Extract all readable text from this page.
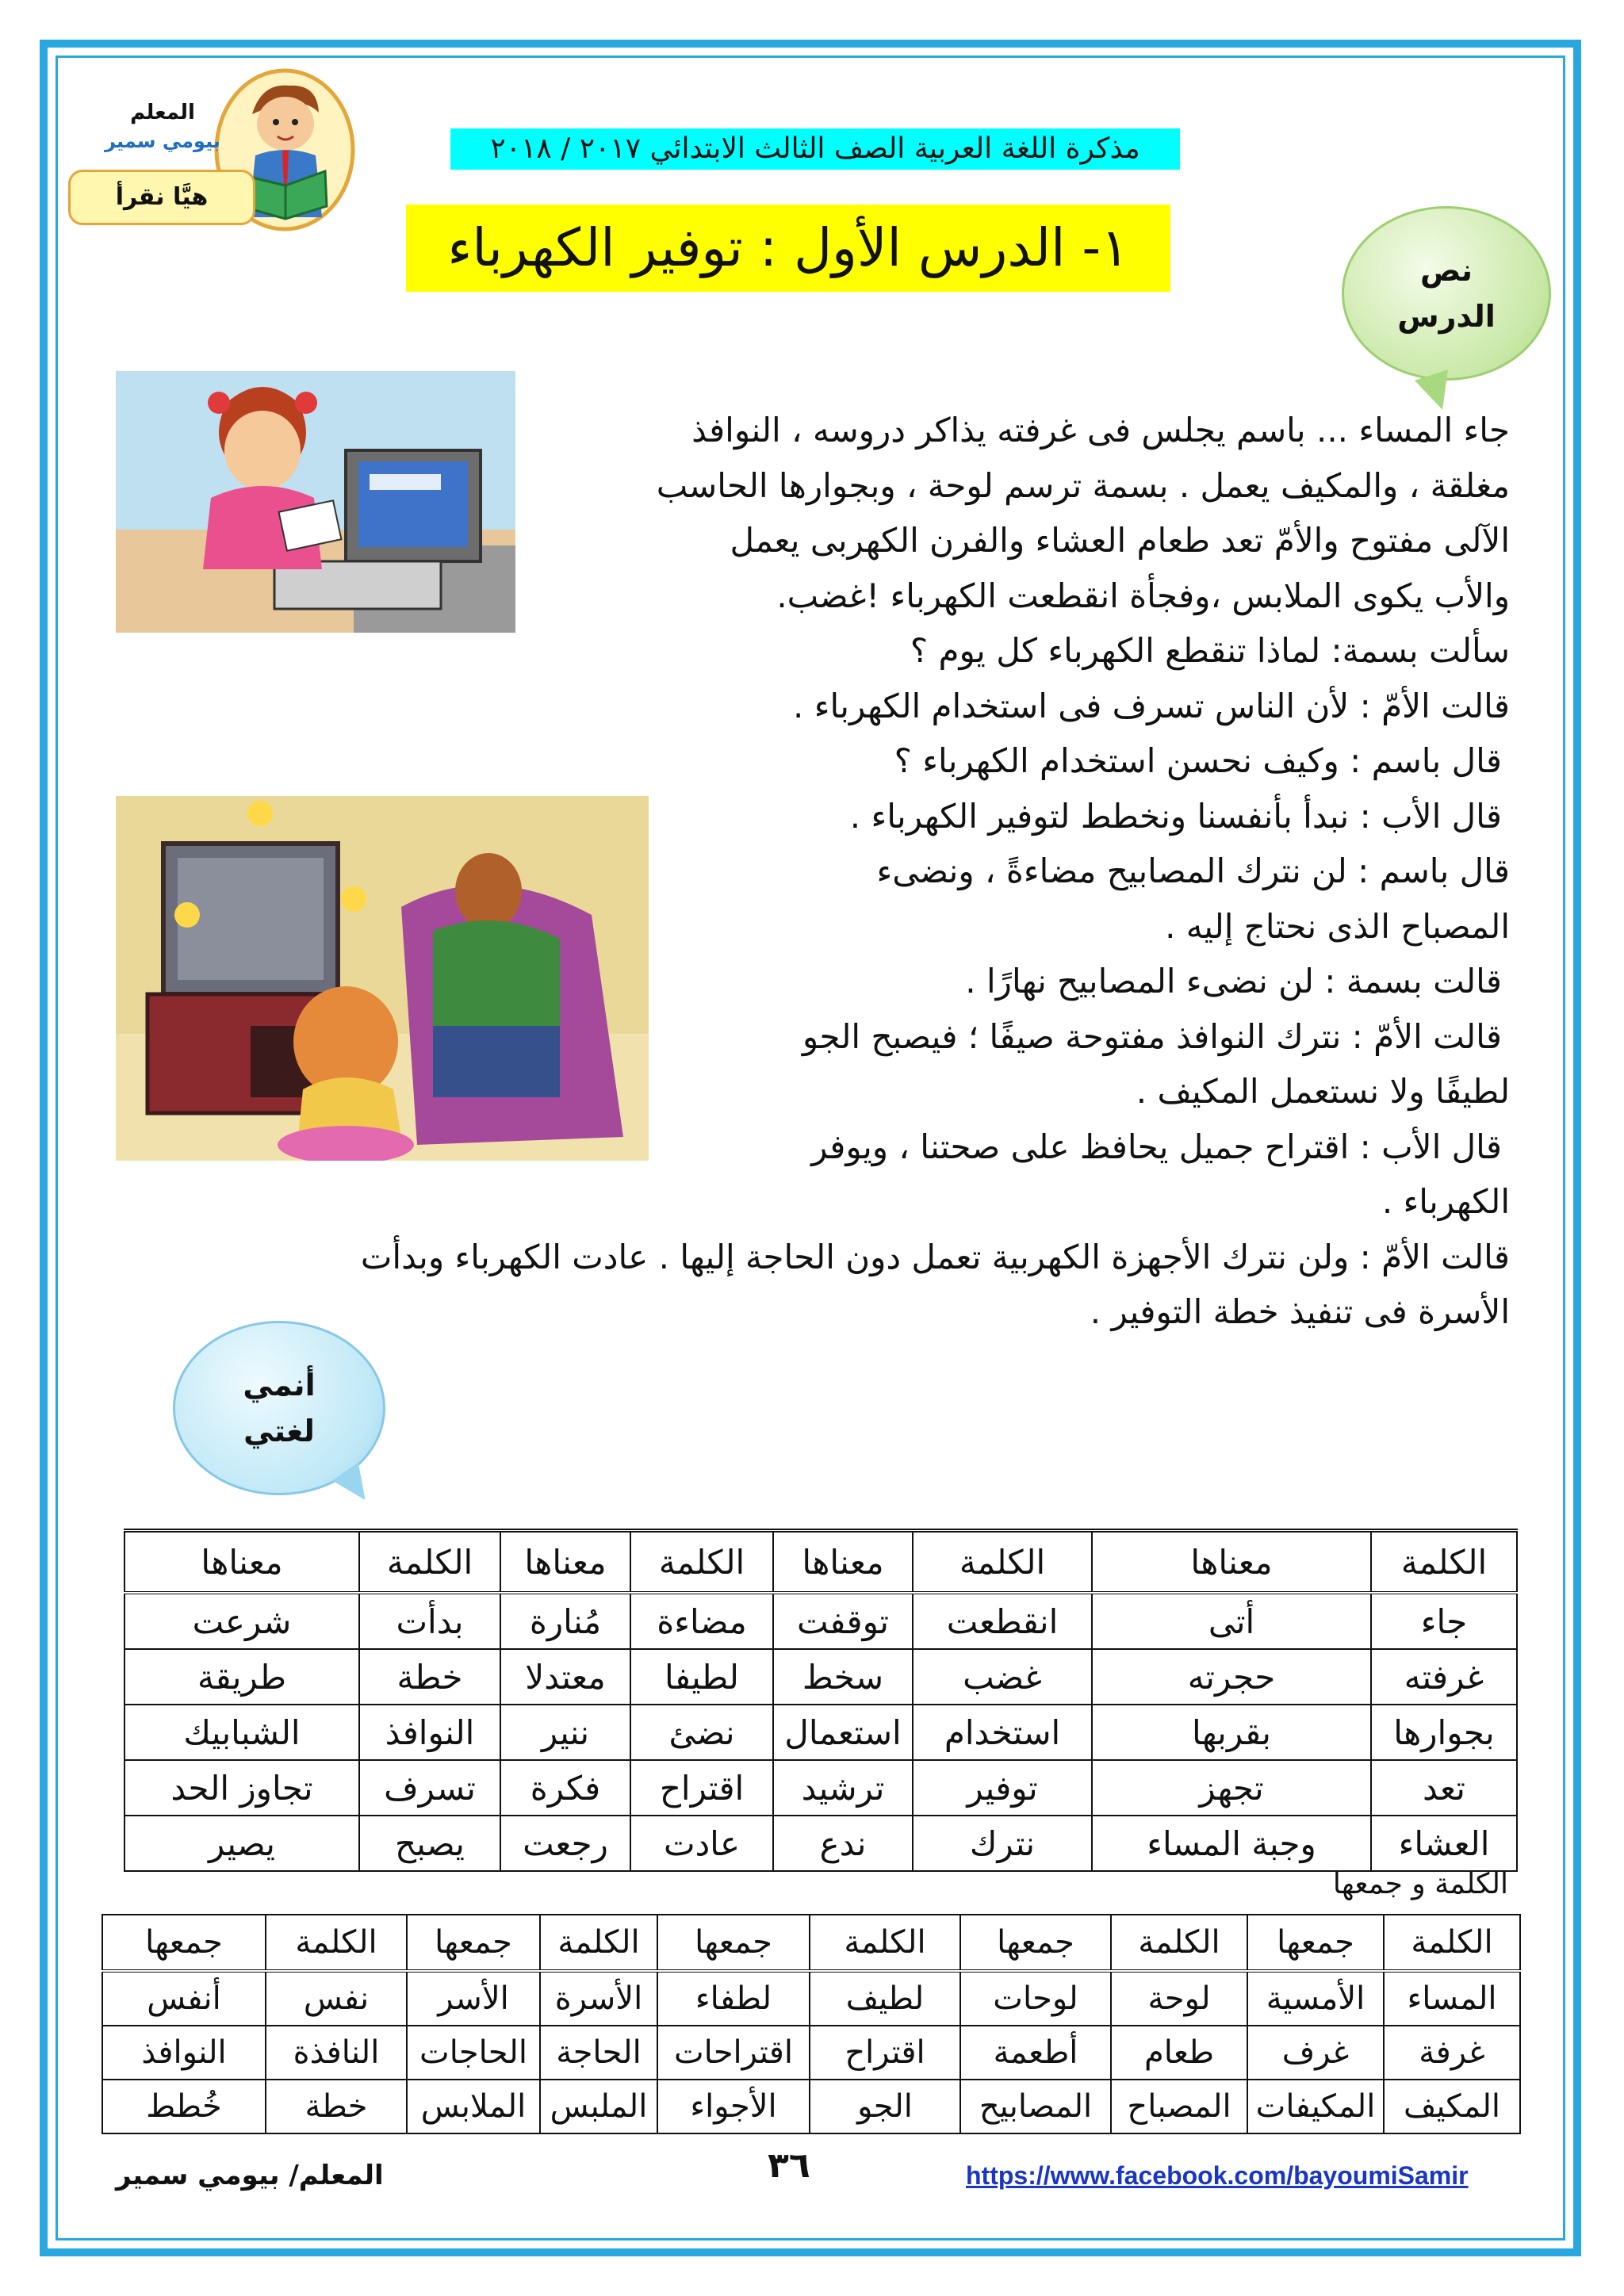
المعلم
بيومي سمير
هيَّا نقرأ
مذكرة اللغة العربية الصف الثالث الابتدائي ٢٠١٧ / ٢٠١٨
١- الدرس الأول : توفير الكهرباء	نص
الدرس

جاء المساء ... باسم يجلس فى غرفته يذاكر دروسه ، النوافذ

مغلقة ، والمكيف يعمل . بسمة ترسم لوحة ، وبجوارها الحاسب

الآلى مفتوح والأمّ تعد طعام العشاء والفرن الكهربى يعمل

والأب يكوى الملابس ،وفجأة انقطعت الكهرباء !غضب.

سألت بسمة: لماذا تنقطع الكهرباء كل يوم ؟

قالت الأمّ : لأن الناس تسرف فى استخدام الكهرباء .

قال باسم : وكيف نحسن استخدام الكهرباء ؟

قال الأب : نبدأ بأنفسنا ونخطط لتوفير الكهرباء .

قال باسم : لن نترك المصابيح مضاءةً ، ونضىء

المصباح الذى نحتاج إليه .

قالت بسمة : لن نضىء المصابيح نهارًا .

قالت الأمّ : نترك النوافذ مفتوحة صيفًا ؛ فيصبح الجو

لطيفًا ولا نستعمل المكيف .

قال الأب : اقتراح جميل يحافظ على صحتنا ، ويوفر

الكهرباء .

قالت الأمّ : ولن نترك الأجهزة الكهربية تعمل دون الحاجة إليها . عادت الكهرباء وبدأت

الأسرة فى تنفيذ خطة التوفير .

أنمي
لغتي
الكلمة	معناها	الكلمة	معناها	الكلمة	معناها	الكلمة	معناها
جاء	أتى	انقطعت	توقفت	مضاءة	مُنارة	بدأت	شرعت
غرفته	حجرته	غضب	سخط	لطيفا	معتدلا	خطة	طريقة
بجوارها	بقربها	استخدام	استعمال	نضئ	ننير	النوافذ	الشبابيك
تعد	تجهز	توفير	ترشيد	اقتراح	فكرة	تسرف	تجاوز الحد
العشاء	وجبة المساء	نترك	ندع	عادت	رجعت	يصبح	يصير
الكلمة و جمعها
الكلمة	جمعها	الكلمة	جمعها	الكلمة	جمعها	الكلمة	جمعها	الكلمة	جمعها
المساء	الأمسية	لوحة	لوحات	لطيف	لطفاء	الأسرة	الأسر	نفس	أنفس
غرفة	غرف	طعام	أطعمة	اقتراح	اقتراحات	الحاجة	الحاجات	النافذة	النوافذ
المكيف	المكيفات	المصباح	المصابيح	الجو	الأجواء	الملبس	الملابس	خطة	خُطط
المعلم/ بيومي سمير	٣٦	https://www.facebook.com/bayoumiSamir
